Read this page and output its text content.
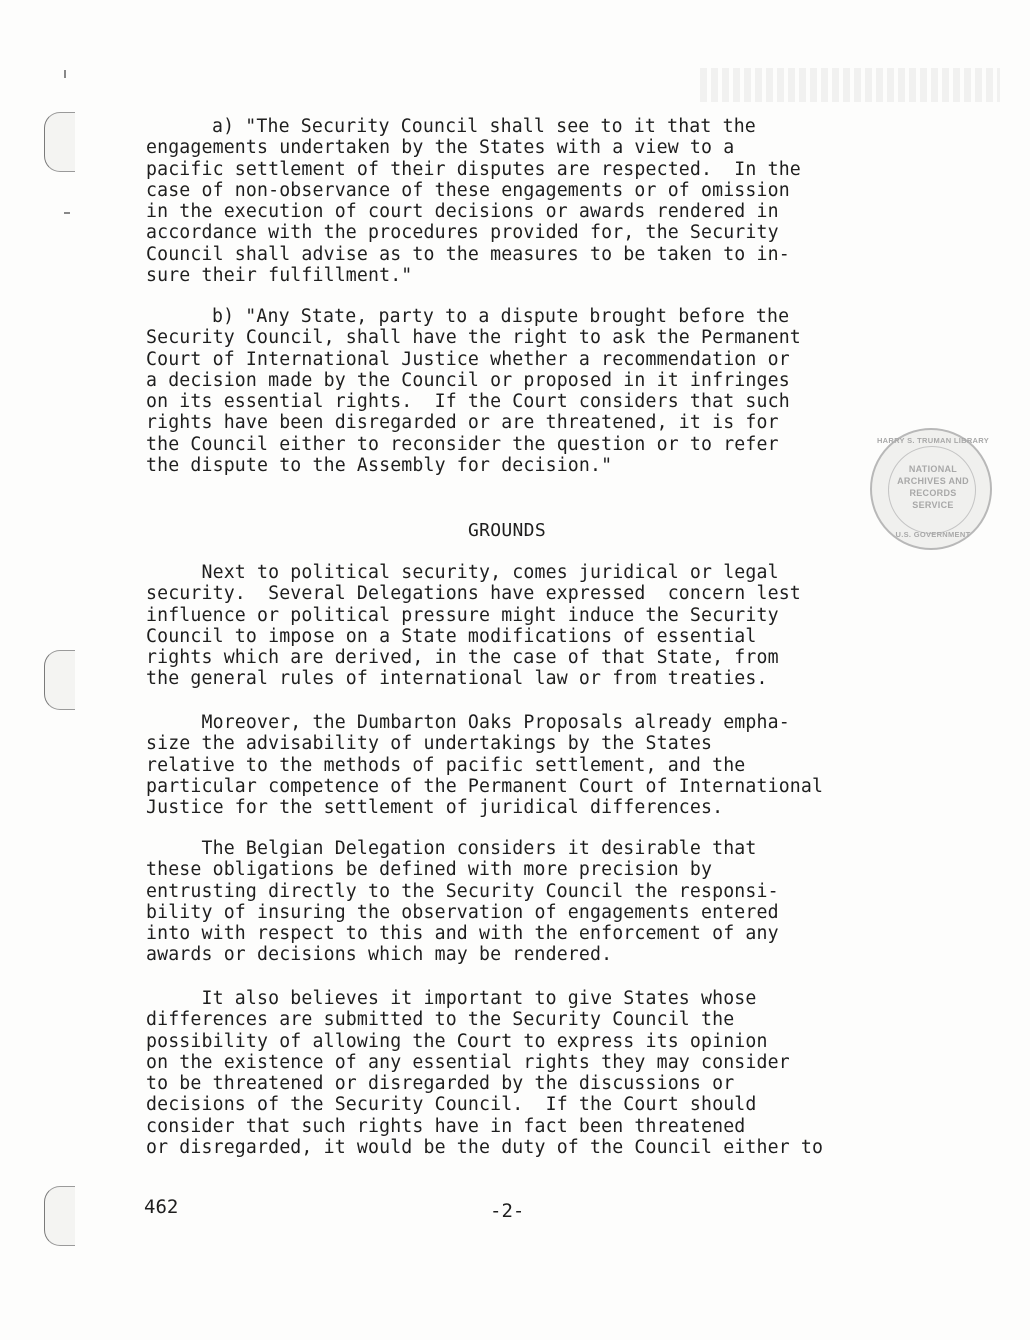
a) "The Security Council shall see to it that the
engagements undertaken by the States with a view to a
pacific settlement of their disputes are respected.  In the
case of non-observance of these engagements or of omission
in the execution of court decisions or awards rendered in
accordance with the procedures provided for, the Security
Council shall advise as to the measures to be taken to in-
sure their fulfillment."
b) "Any State, party to a dispute brought before the
Security Council, shall have the right to ask the Permanent
Court of International Justice whether a recommendation or
a decision made by the Council or proposed in it infringes
on its essential rights.  If the Court considers that such
rights have been disregarded or are threatened, it is for
the Council either to reconsider the question or to refer
the dispute to the Assembly for decision."
GROUNDS
Next to political security, comes juridical or legal
security.  Several Delegations have expressed  concern lest
influence or political pressure might induce the Security
Council to impose on a State modifications of essential
rights which are derived, in the case of that State, from
the general rules of international law or from treaties.
Moreover, the Dumbarton Oaks Proposals already empha-
size the advisability of undertakings by the States
relative to the methods of pacific settlement, and the
particular competence of the Permanent Court of International
Justice for the settlement of juridical differences.
The Belgian Delegation considers it desirable that
these obligations be defined with more precision by
entrusting directly to the Security Council the responsi-
bility of insuring the observation of engagements entered
into with respect to this and with the enforcement of any
awards or decisions which may be rendered.
It also believes it important to give States whose
differences are submitted to the Security Council the
possibility of allowing the Court to express its opinion
on the existence of any essential rights they may consider
to be threatened or disregarded by the discussions or
decisions of the Security Council.  If the Court should
consider that such rights have in fact been threatened
or disregarded, it would be the duty of the Council either to
HARRY S. TRUMAN LIBRARY
NATIONAL
ARCHIVES AND
RECORDS
SERVICE
U.S. GOVERNMENT
462	-2-
